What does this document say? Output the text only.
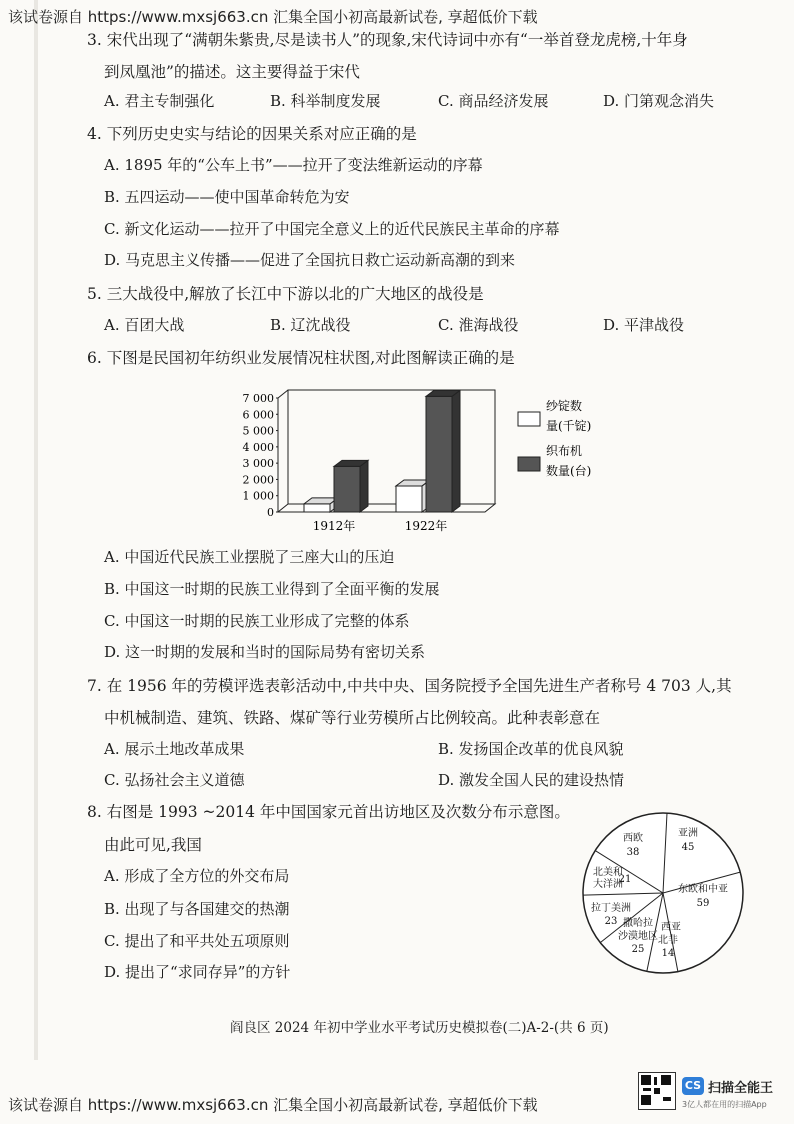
该试卷源自 https://www.mxsj663.cn 汇集全国小初高最新试卷, 享超低价下载
3. 宋代出现了“满朝朱紫贵,尽是读书人”的现象,宋代诗词中亦有“一举首登龙虎榜,十年身
到凤凰池”的描述。这主要得益于宋代
A. 君主专制强化	B. 科举制度发展	C. 商品经济发展	D. 门第观念消失
4. 下列历史史实与结论的因果关系对应正确的是
A. 1895 年的“公车上书”——拉开了变法维新运动的序幕
B. 五四运动——使中国革命转危为安
C. 新文化运动——拉开了中国完全意义上的近代民族民主革命的序幕
D. 马克思主义传播——促进了全国抗日救亡运动新高潮的到来
5. 三大战役中,解放了长江中下游以北的广大地区的战役是
A. 百团大战	B. 辽沈战役	C. 淮海战役	D. 平津战役
6. 下图是民国初年纺织业发展情况柱状图,对此图解读正确的是
0
1 000
2 000
3 000
4 000
5 000
6 000
7 000
1912年	1922年
纱锭数
量(千锭)
织布机
数量(台)
A. 中国近代民族工业摆脱了三座大山的压迫
B. 中国这一时期的民族工业得到了全面平衡的发展
C. 中国这一时期的民族工业形成了完整的体系
D. 这一时期的发展和当时的国际局势有密切关系
7. 在 1956 年的劳模评选表彰活动中,中共中央、国务院授予全国先进生产者称号 4 703 人,其
中机械制造、建筑、铁路、煤矿等行业劳模所占比例较高。此种表彰意在
A. 展示土地改革成果	B. 发扬国企改革的优良风貌
C. 弘扬社会主义道德	D. 激发全国人民的建设热情
8. 右图是 1993 ~2014 年中国国家元首出访地区及次数分布示意图。
由此可见,我国
A. 形成了全方位的外交布局
B. 出现了与各国建交的热潮
C. 提出了和平共处五项原则
D. 提出了“求同存异”的方针
西欧
38
亚洲
45
北美和
大洋洲
21
东欧和中亚
59
拉丁美洲
23 撒哈拉
沙漠地区
25
西亚
北非
14
阎良区 2024 年初中学业水平考试历史模拟卷(二)A-2-(共 6 页)
该试卷源自 https://www.mxsj663.cn 汇集全国小初高最新试卷, 享超低价下载
CS 扫描全能王
3亿人都在用的扫描App
